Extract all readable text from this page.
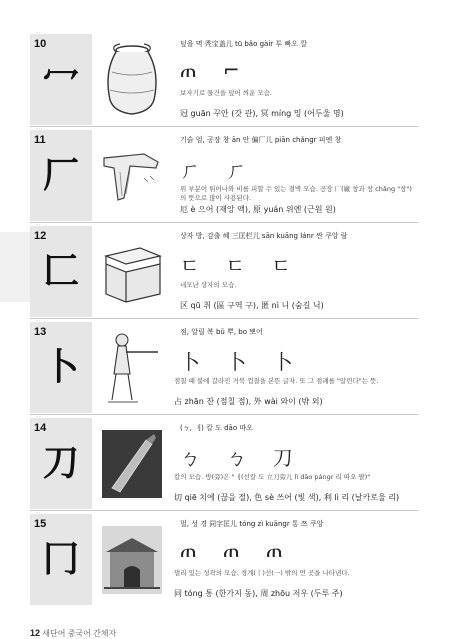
10
冖
덮을 멱 秃宝盖儿 tū bǎo gàir 투 빠오 깔
ጠ ⌐
보자기로 물건을 덮어 씌운 모습.
冠 guān 꾸안 (갓 관), 冥 míng 밍 (어두울 명)
11
厂
기슭 엄, 공장 창 ān 안 偏厂儿 piān chǎngr 피엔 창
ㄏ ㄏ
위 부분이 튀어나와 비를 피할 수 있는 절벽 모습. 공장 厂(廠 창과 창 chǎng "창")의 뜻으로 많이 사용된다.
厄 è 으어 (재앙 액), 原 yuán 위엔 (근원 원)
12
匚
상자 방, 감출 혜 三匡栏儿 sān kuāng lánr 싼 쿠앙 랄
ㄷ ㄷ ㄷ
네모난 상자의 모습.
区 qū 취 (區 구역 구), 匿 nì 니 (숨길 닉)
13
卜
점, 알릴 복 bǔ 뿌, bo 뽀어
卜 卜 卜
점칠 때 불에 갈라진 거북 껍질을 본뜬 글자. 또 그 점괘를 "알린다"는 뜻.
占 zhān 잔 (점칠 점), 外 wài 와이 (밖 외)
14
刀
(ㄅ, 刂) 칼 도 dāo 따오
ㄅ ㄅ 刀
칼의 모습. 방(旁)은 "刂(선칼 도 立刀旁儿 lì dāo pángr 리 따오 팔)"
切 qiē 치에 (끊을 절), 色 sè 쓰어 (빛 색), 利 lì 리 (날카로울 리)
15
冂
멀, 성 경 同字匡儿 tóng zì kuāngr 통 쯔 쿠앙
ጠ ጠ ጠ
멀리 있는 성곽의 모습. 경계(丨)선(一) 밖의 먼 곳을 나타낸다.
同 tóng 통 (한가지 동), 周 zhōu 저우 (두루 주)
12 새단어 중국어 간체자
